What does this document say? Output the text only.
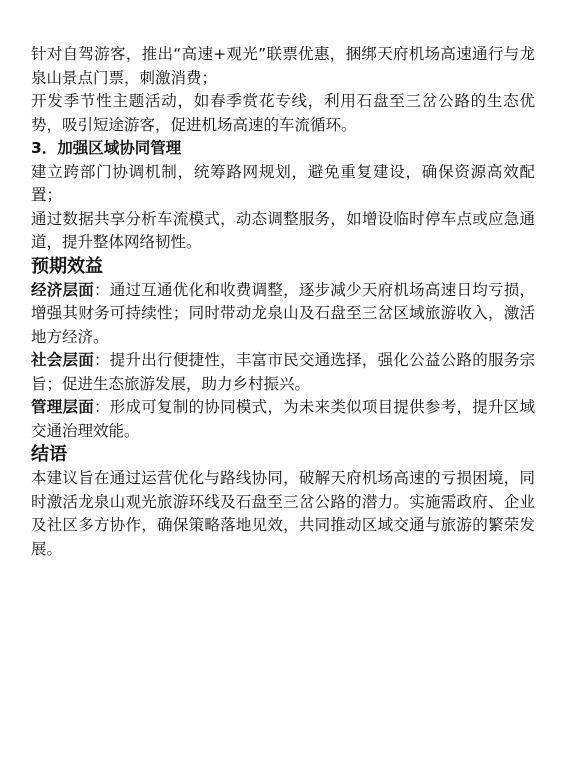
针对自驾游客，推出“高速+观光”联票优惠，捆绑天府机场高速通行与龙泉山景点门票，刺激消费；

开发季节性主题活动，如春季赏花专线，利用石盘至三岔公路的生态优势，吸引短途游客，促进机场高速的车流循环。

3．加强区域协同管理

建立跨部门协调机制，统筹路网规划，避免重复建设，确保资源高效配置；

通过数据共享分析车流模式，动态调整服务，如增设临时停车点或应急通道，提升整体网络韧性。

预期效益

经济层面：通过互通优化和收费调整，逐步减少天府机场高速日均亏损，增强其财务可持续性；同时带动龙泉山及石盘至三岔区域旅游收入，激活地方经济。

社会层面：提升出行便捷性，丰富市民交通选择，强化公益公路的服务宗旨；促进生态旅游发展，助力乡村振兴。

管理层面：形成可复制的协同模式，为未来类似项目提供参考，提升区域交通治理效能。

结语

本建议旨在通过运营优化与路线协同，破解天府机场高速的亏损困境，同时激活龙泉山观光旅游环线及石盘至三岔公路的潜力。实施需政府、企业及社区多方协作，确保策略落地见效，共同推动区域交通与旅游的繁荣发展。
